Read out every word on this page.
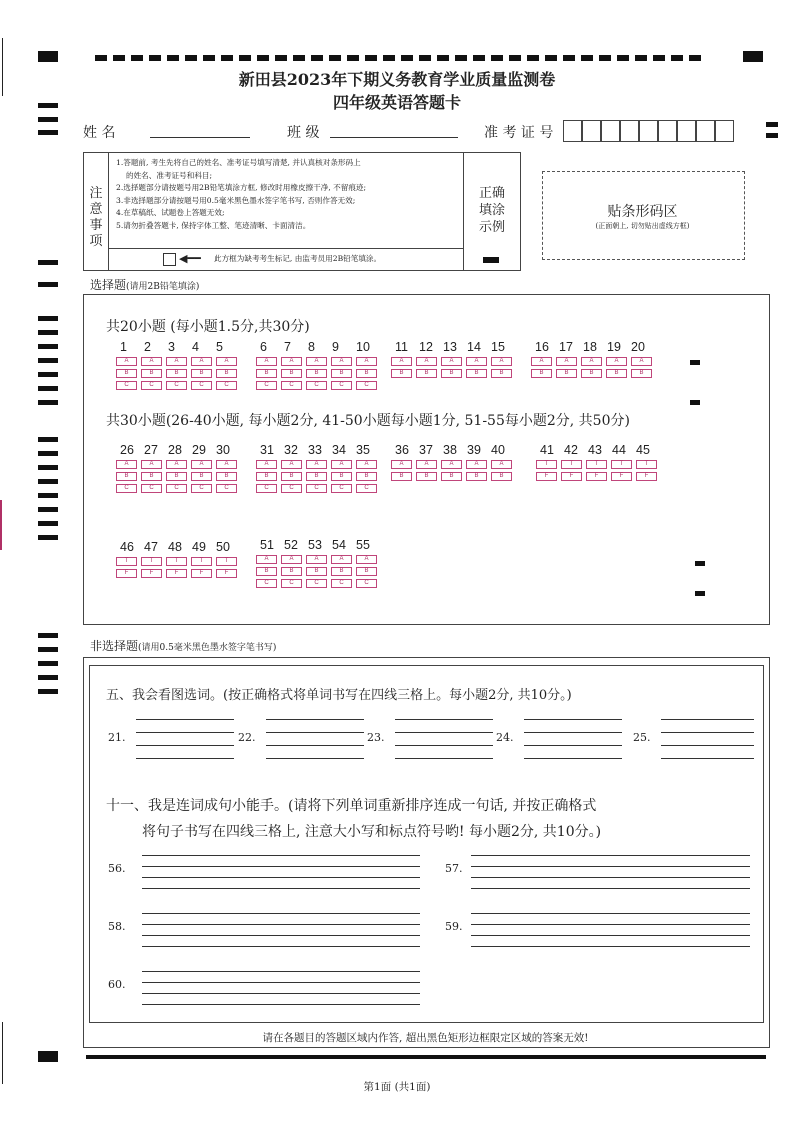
新田县2023年下期义务教育学业质量监测卷
四年级英语答题卡
姓 名	班 级	准 考 证 号
注
意
事
项
1.答题前, 考生先将自己的姓名、准考证号填写清楚, 并认真核对条形码上
的姓名、准考证号和科目;
2.选择题部分请按题号用2B铅笔填涂方框, 修改时用橡皮擦干净, 不留痕迹;
3.非选择题部分请按题号用0.5毫米黑色墨水签字笔书写, 否则作答无效;
4.在草稿纸、试题卷上答题无效;
5.请勿折叠答题卡, 保持字体工整、笔迹清晰、卡面清洁。
◀━━ 此方框为缺考考生标记, 由监考员用2B铅笔填涂。
正确
填涂
示例
贴条形码区
(正面朝上, 切勿贴出虚线方框)
选择题(请用2B铅笔填涂)
共20小题 (每小题1.5分,共30分)
共30小题(26-40小题, 每小题2分, 41-50小题每小题1分, 51-55每小题2分, 共50分)
1	2	3	4	5
A	A	A	A	A
B	B	B	B	B
C	C	C	C	C
6	7	8	9	10
A	A	A	A	A
B	B	B	B	B
C	C	C	C	C
11 12 13 14 15
A	A	A	A	A
B	B	B	B	B
16 17 18 19 20
A	A	A	A	A
B	B	B	B	B
26 27 28 29 30
A	A	A	A	A
B	B	B	B	B
C	C	C	C	C
31 32 33 34 35
A	A	A	A	A
B	B	B	B	B
C	C	C	C	C
36 37 38 39 40
A	A	A	A	A
B	B	B	B	B
41 42 43 44 45
T	T	T	T	T
F	F	F	F	F
46 47 48 49 50
T	T	T	T	T
F	F	F	F	F
51 52 53 54 55
A	A	A	A	A
B	B	B	B	B
C	C	C	C	C
非选择题(请用0.5毫米黑色墨水签字笔书写)
五、我会看图选词。(按正确格式将单词书写在四线三格上。每小题2分, 共10分。)
21.	22.	23.	24.	25.
十一、我是连词成句小能手。(请将下列单词重新排序连成一句话, 并按正确格式
将句子书写在四线三格上, 注意大小写和标点符号哟! 每小题2分, 共10分。)
56.	57.
58.	59.
60.
请在各题目的答题区域内作答, 超出黑色矩形边框限定区域的答案无效!
第1面 (共1面)
